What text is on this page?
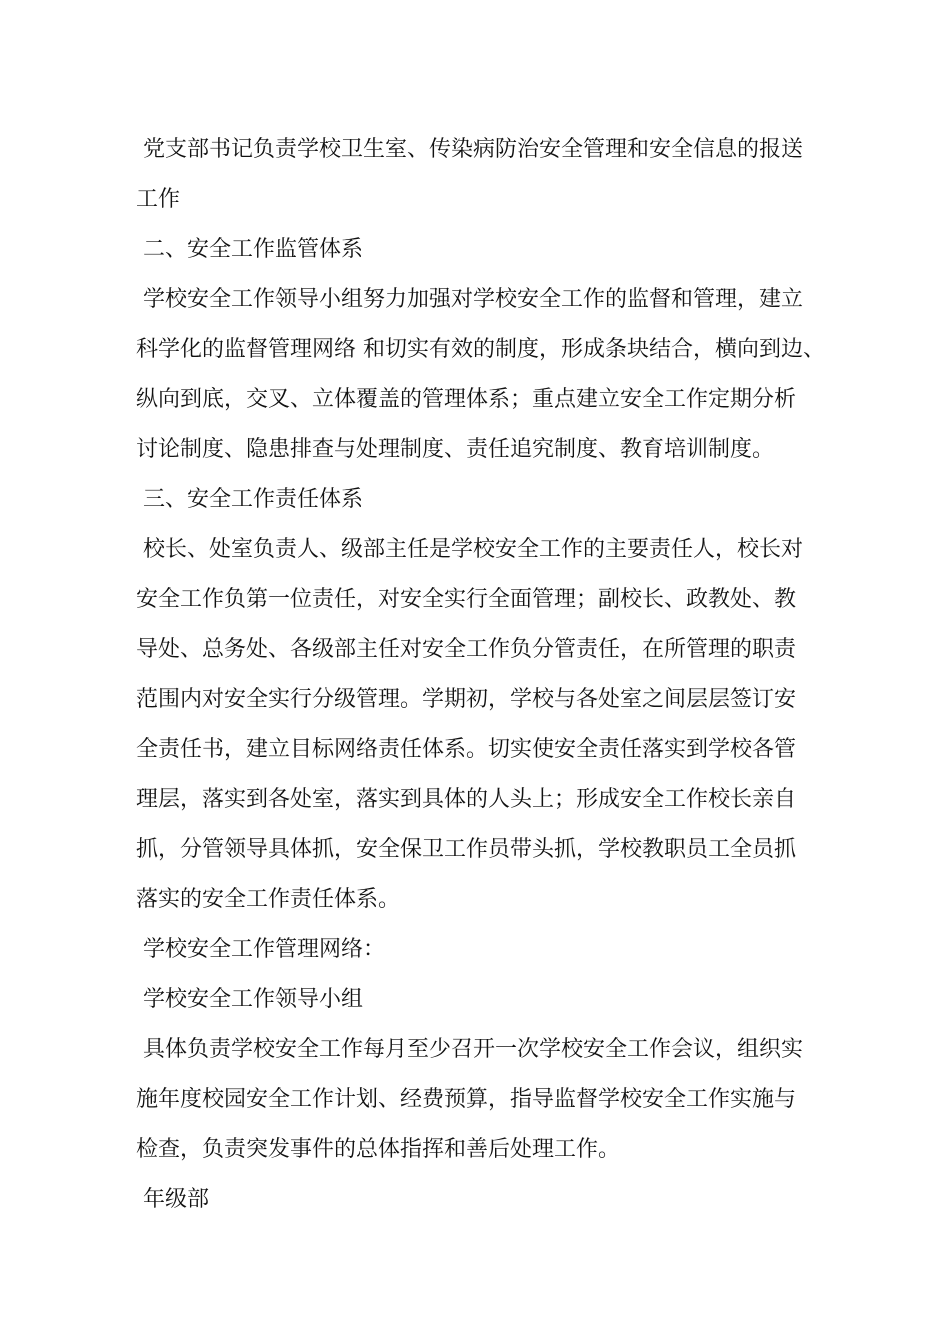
党支部书记负责学校卫生室、传染病防治安全管理和安全信息的报送
工作
二、安全工作监管体系
学校安全工作领导小组努力加强对学校安全工作的监督和管理，建立
科学化的监督管理网络 和切实有效的制度，形成条块结合，横向到边、
纵向到底，交叉、立体覆盖的管理体系；重点建立安全工作定期分析
讨论制度、隐患排查与处理制度、责任追究制度、教育培训制度。
三、安全工作责任体系
校长、处室负责人、级部主任是学校安全工作的主要责任人，校长对
安全工作负第一位责任，对安全实行全面管理；副校长、政教处、教
导处、总务处、各级部主任对安全工作负分管责任，在所管理的职责
范围内对安全实行分级管理。学期初，学校与各处室之间层层签订安
全责任书，建立目标网络责任体系。切实使安全责任落实到学校各管
理层，落实到各处室，落实到具体的人头上；形成安全工作校长亲自
抓，分管领导具体抓，安全保卫工作员带头抓，学校教职员工全员抓
落实的安全工作责任体系。
学校安全工作管理网络：
学校安全工作领导小组
具体负责学校安全工作每月至少召开一次学校安全工作会议，组织实
施年度校园安全工作计划、经费预算，指导监督学校安全工作实施与
检查，负责突发事件的总体指挥和善后处理工作。
年级部
